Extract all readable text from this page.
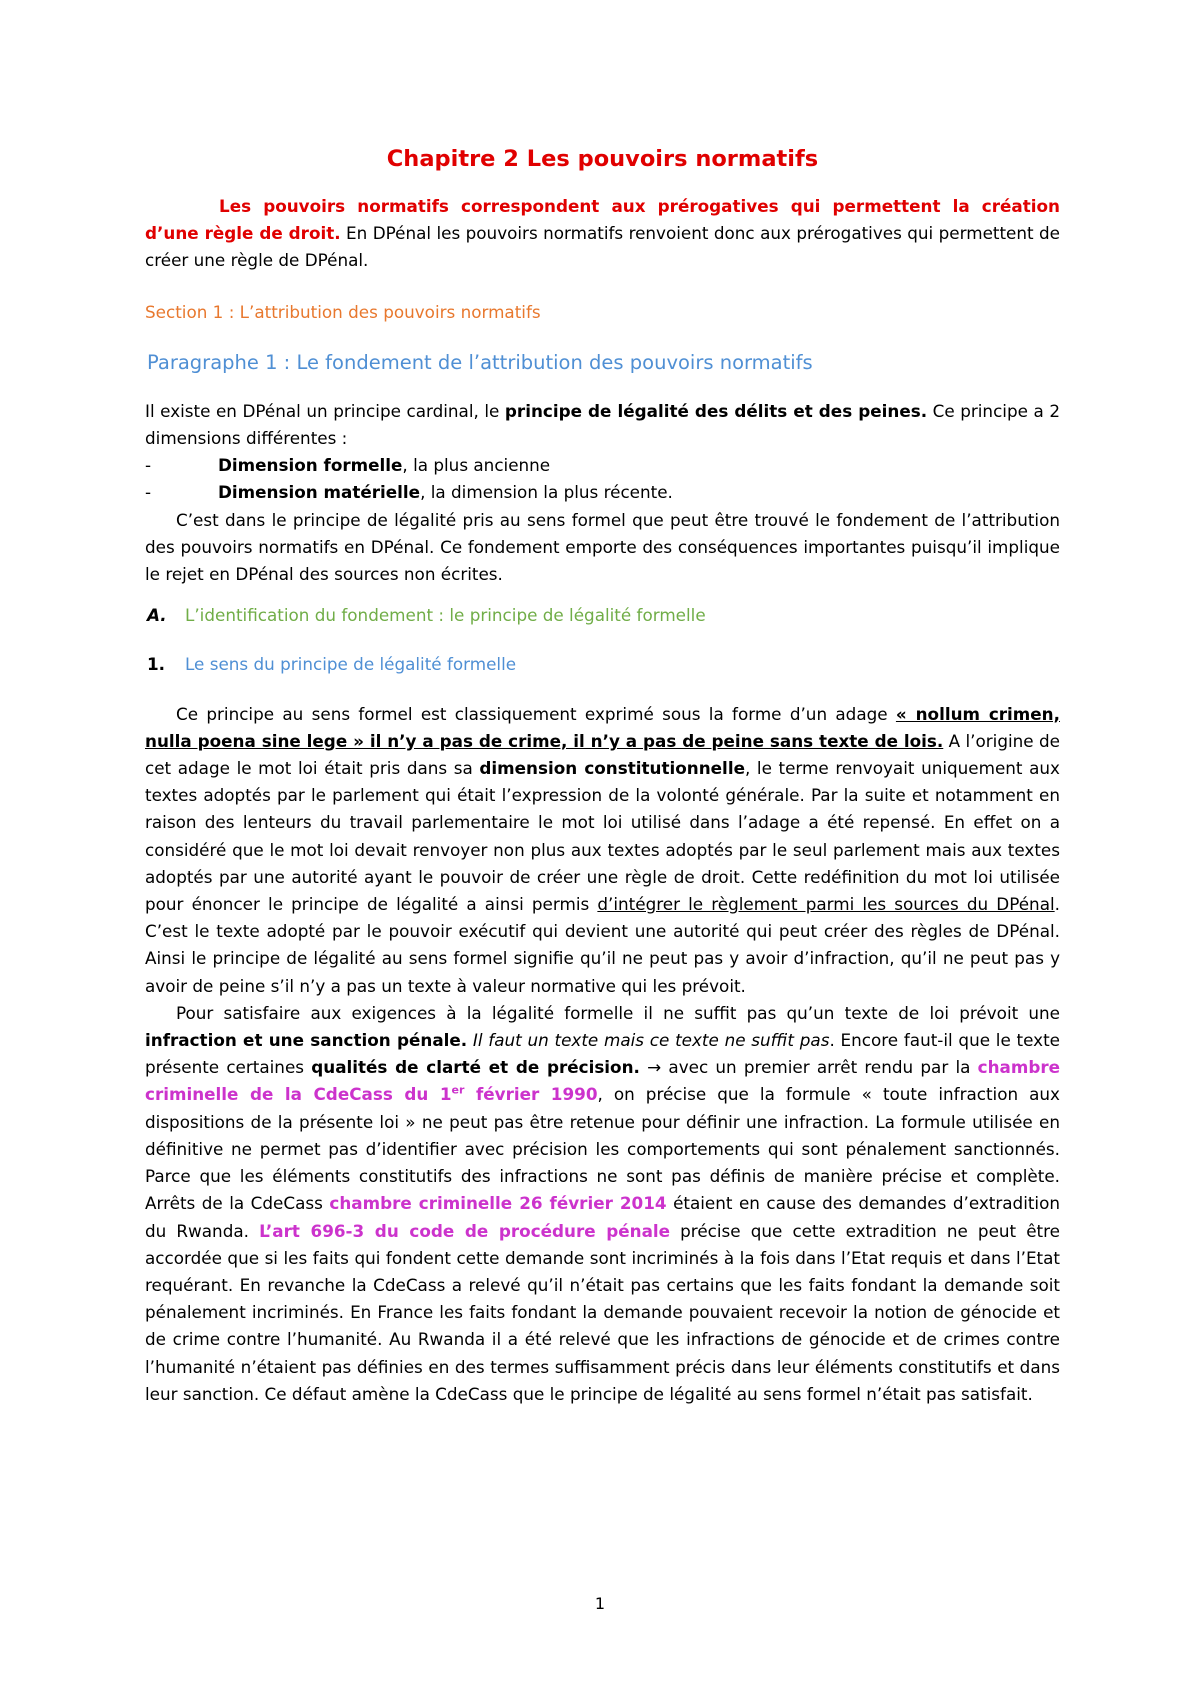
Chapitre 2 Les pouvoirs normatifs

Les pouvoirs normatifs correspondent aux prérogatives qui permettent la création d’une règle de droit. En DPénal les pouvoirs normatifs renvoient donc aux prérogatives qui permettent de créer une règle de DPénal.

Section 1 : L’attribution des pouvoirs normatifs
Paragraphe 1 : Le fondement de l’attribution des pouvoirs normatifs

Il existe en DPénal un principe cardinal, le principe de légalité des délits et des peines. Ce principe a 2 dimensions différentes :

-	Dimension formelle, la plus ancienne
-	Dimension matérielle, la dimension la plus récente.

C’est dans le principe de légalité pris au sens formel que peut être trouvé le fondement de l’attribution des pouvoirs normatifs en DPénal. Ce fondement emporte des conséquences importantes puisqu’il implique le rejet en DPénal des sources non écrites.

A. L’identification du fondement : le principe de légalité formelle
1. Le sens du principe de légalité formelle

Ce principe au sens formel est classiquement exprimé sous la forme d’un adage « nollum crimen, nulla poena sine lege » il n’y a pas de crime, il n’y a pas de peine sans texte de lois. A l’origine de cet adage le mot loi était pris dans sa dimension constitutionnelle, le terme renvoyait uniquement aux textes adoptés par le parlement qui était l’expression de la volonté générale. Par la suite et notamment en raison des lenteurs du travail parlementaire le mot loi utilisé dans l’adage a été repensé. En effet on a considéré que le mot loi devait renvoyer non plus aux textes adoptés par le seul parlement mais aux textes adoptés par une autorité ayant le pouvoir de créer une règle de droit. Cette redéfinition du mot loi utilisée pour énoncer le principe de légalité a ainsi permis d’intégrer le règlement parmi les sources du DPénal. C’est le texte adopté par le pouvoir exécutif qui devient une autorité qui peut créer des règles de DPénal. Ainsi le principe de légalité au sens formel signifie qu’il ne peut pas y avoir d’infraction, qu’il ne peut pas y avoir de peine s’il n’y a pas un texte à valeur normative qui les prévoit.

Pour satisfaire aux exigences à la légalité formelle il ne suffit pas qu’un texte de loi prévoit une infraction et une sanction pénale. Il faut un texte mais ce texte ne suffit pas. Encore faut-il que le texte présente certaines qualités de clarté et de précision. → avec un premier arrêt rendu par la chambre criminelle de la CdeCass du 1er février 1990, on précise que la formule « toute infraction aux dispositions de la présente loi » ne peut pas être retenue pour définir une infraction. La formule utilisée en définitive ne permet pas d’identifier avec précision les comportements qui sont pénalement sanctionnés. Parce que les éléments constitutifs des infractions ne sont pas définis de manière précise et complète. Arrêts de la CdeCass chambre criminelle 26 février 2014 étaient en cause des demandes d’extradition du Rwanda. L’art 696-3 du code de procédure pénale précise que cette extradition ne peut être accordée que si les faits qui fondent cette demande sont incriminés à la fois dans l’Etat requis et dans l’Etat requérant. En revanche la CdeCass a relevé qu’il n’était pas certains que les faits fondant la demande soit pénalement incriminés. En France les faits fondant la demande pouvaient recevoir la notion de génocide et de crime contre l’humanité. Au Rwanda il a été relevé que les infractions de génocide et de crimes contre l’humanité n’étaient pas définies en des termes suffisamment précis dans leur éléments constitutifs et dans leur sanction. Ce défaut amène la CdeCass que le principe de légalité au sens formel n’était pas satisfait.

1
